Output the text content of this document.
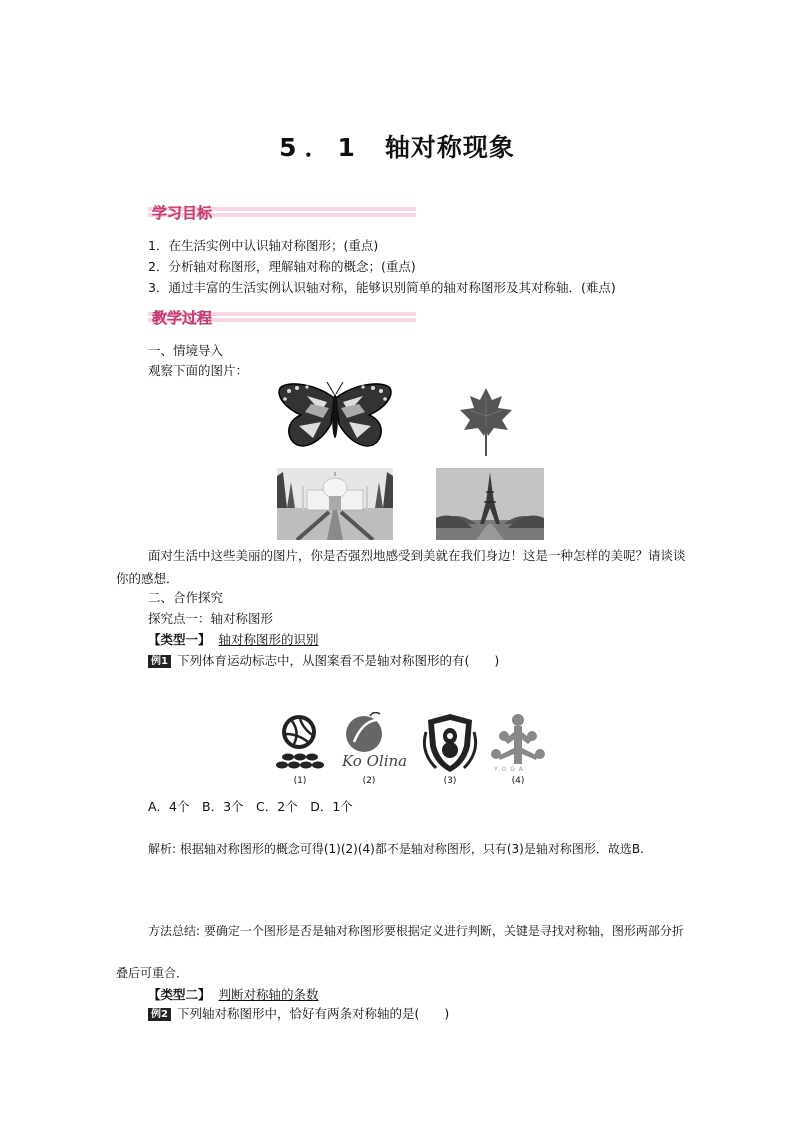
5．1 轴对称现象
学习目标
1．在生活实例中认识轴对称图形；(重点)
2．分析轴对称图形，理解轴对称的概念；(重点)
3．通过丰富的生活实例认识轴对称，能够识别简单的轴对称图形及其对称轴．(难点)
教学过程
一、情境导入
观察下面的图片：
面对生活中这些美丽的图片，你是否强烈地感受到美就在我们身边！这是一种怎样的美呢？请谈谈你的感想．
二、合作探究
探究点一：轴对称图形
【类型一】 轴对称图形的识别
例1 下列体育运动标志中，从图案看不是轴对称图形的有(　　)
(1)
Ko Olina
(2)	(3)
Y O G A
(4)
A．4个　B．3个　C．2个　D．1个
解析: 根据轴对称图形的概念可得(1)(2)(4)都不是轴对称图形，只有(3)是轴对称图形．故选B.
方法总结: 要确定一个图形是否是轴对称图形要根据定义进行判断，关键是寻找对称轴，图形两部分折叠后可重合．
【类型二】 判断对称轴的条数
例2 下列轴对称图形中，恰好有两条对称轴的是(　　)
